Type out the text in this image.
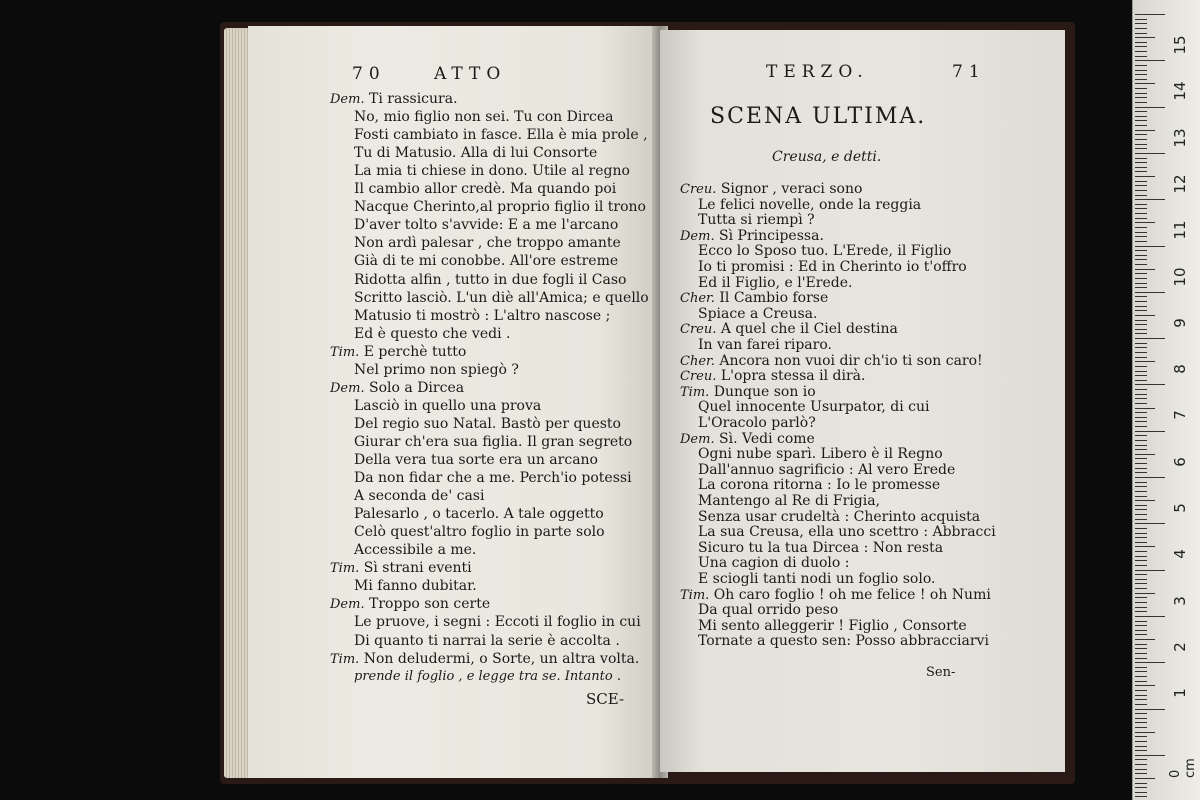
70	ATTO
Dem. Ti rassicura.
No, mio figlio non sei. Tu con Dircea
Fosti cambiato in fasce. Ella è mia prole ,
Tu di Matusio. Alla di lui Consorte
La mia ti chiese in dono. Utile al regno
Il cambio allor credè. Ma quando poi
Nacque Cherinto,al proprio figlio il trono
D'aver tolto s'avvide: E a me l'arcano
Non ardì palesar , che troppo amante
Già di te mi conobbe. All'ore estreme
Ridotta alfin , tutto in due fogli il Caso
Scritto lasciò. L'un diè all'Amica; e quello
Matusio ti mostrò : L'altro nascose ;
Ed è questo che vedi .
Tim. E perchè tutto
Nel primo non spiegò ?
Dem. Solo a Dircea
Lasciò in quello una prova
Del regio suo Natal. Bastò per questo
Giurar ch'era sua figlia. Il gran segreto
Della vera tua sorte era un arcano
Da non fidar che a me. Perch'io potessi
A seconda de' casi
Palesarlo , o tacerlo. A tale oggetto
Celò quest'altro foglio in parte solo
Accessibile a me.
Tim. Sì strani eventi
Mi fanno dubitar.
Dem. Troppo son certe
Le pruove, i segni : Eccoti il foglio in cui
Di quanto ti narrai la serie è accolta .
Tim. Non deludermi, o Sorte, un altra volta.
prende il foglio , e legge tra se. Intanto .
SCE-
TERZO.	71
SCENA ULTIMA.
Creusa, e detti.
Creu. Signor , veraci sono
Le felici novelle, onde la reggia
Tutta si riempì ?
Dem. Sì Principessa.
Ecco lo Sposo tuo. L'Erede, il Figlio
Io ti promisi : Ed in Cherinto io t'offro
Ed il Figlio, e l'Erede.
Cher. Il Cambio forse
Spiace a Creusa.
Creu. A quel che il Ciel destina
In van farei riparo.
Cher. Ancora non vuoi dir ch'io ti son caro!
Creu. L'opra stessa il dirà.
Tim. Dunque son io
Quel innocente Usurpator, di cui
L'Oracolo parlò?
Dem. Sì. Vedi come
Ogni nube sparì. Libero è il Regno
Dall'annuo sagrificio : Al vero Erede
La corona ritorna : Io le promesse
Mantengo al Re di Frigia,
Senza usar crudeltà : Cherinto acquista
La sua Creusa, ella uno scettro : Abbracci
Sicuro tu la tua Dircea : Non resta
Una cagion di duolo :
E sciogli tanti nodi un foglio solo.
Tim. Oh caro foglio ! oh me felice ! oh Numi
Da qual orrido peso
Mi sento alleggerir ! Figlio , Consorte
Tornate a questo sen: Posso abbracciarvi
Sen-
15
14
13
12
11
10
9
8
7
6
5
4
3
2
1
0 cm
